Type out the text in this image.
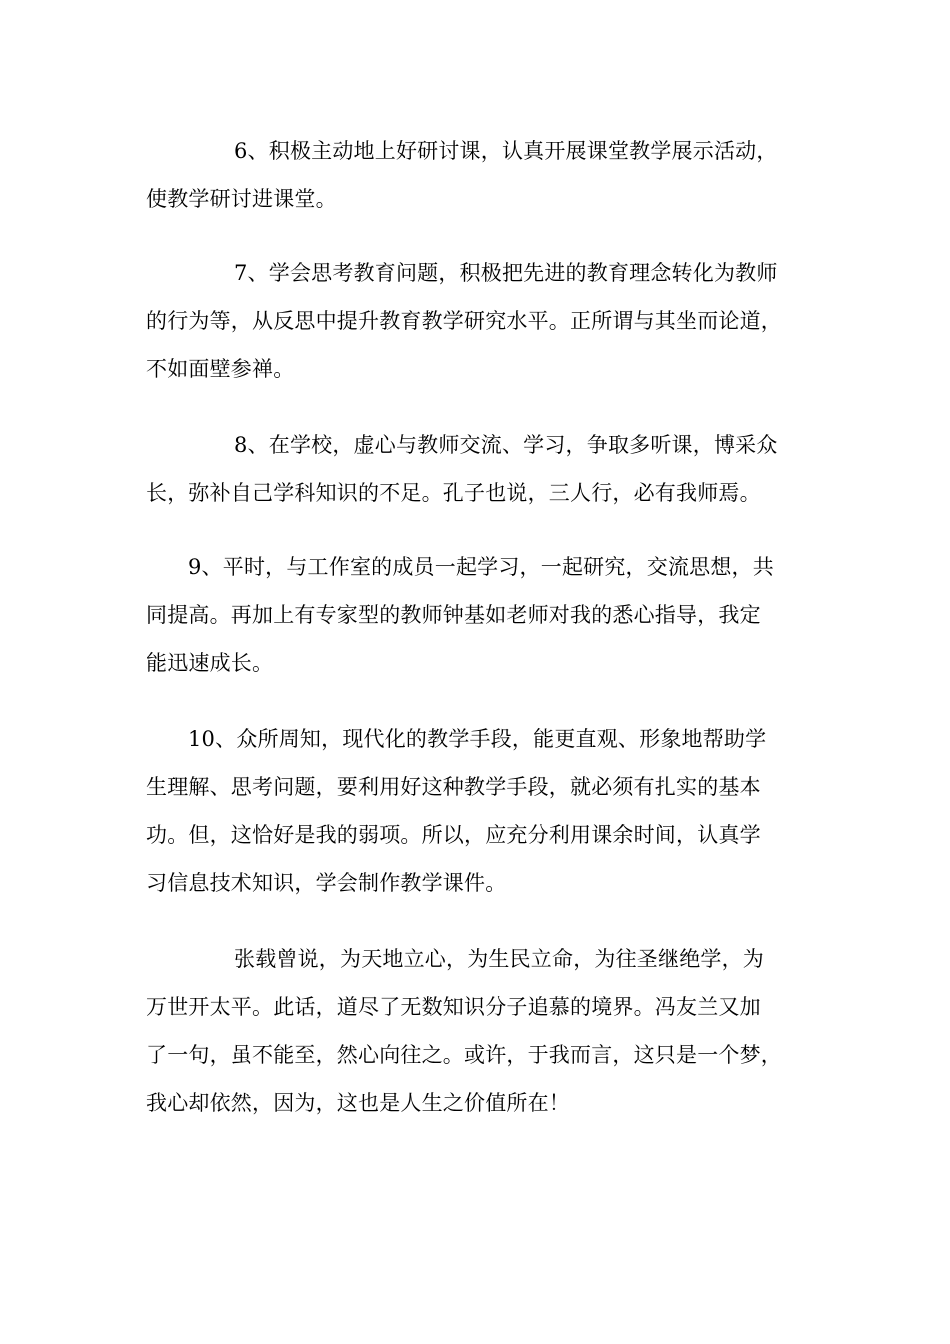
6、积极主动地上好研讨课，认真开展课堂教学展示活动，
使教学研讨进课堂。
7、学会思考教育问题，积极把先进的教育理念转化为教师
的行为等，从反思中提升教育教学研究水平。正所谓与其坐而论道，
不如面壁参禅。
8、在学校，虚心与教师交流、学习，争取多听课，博采众
长，弥补自己学科知识的不足。孔子也说，三人行，必有我师焉。
9、平时，与工作室的成员一起学习，一起研究，交流思想，共
同提高。再加上有专家型的教师钟基如老师对我的悉心指导，我定
能迅速成长。
10、众所周知，现代化的教学手段，能更直观、形象地帮助学
生理解、思考问题，要利用好这种教学手段，就必须有扎实的基本
功。但，这恰好是我的弱项。所以，应充分利用课余时间，认真学
习信息技术知识，学会制作教学课件。
张载曾说，为天地立心，为生民立命，为往圣继绝学，为
万世开太平。此话，道尽了无数知识分子追慕的境界。冯友兰又加
了一句，虽不能至，然心向往之。或许，于我而言，这只是一个梦，
我心却依然，因为，这也是人生之价值所在！
